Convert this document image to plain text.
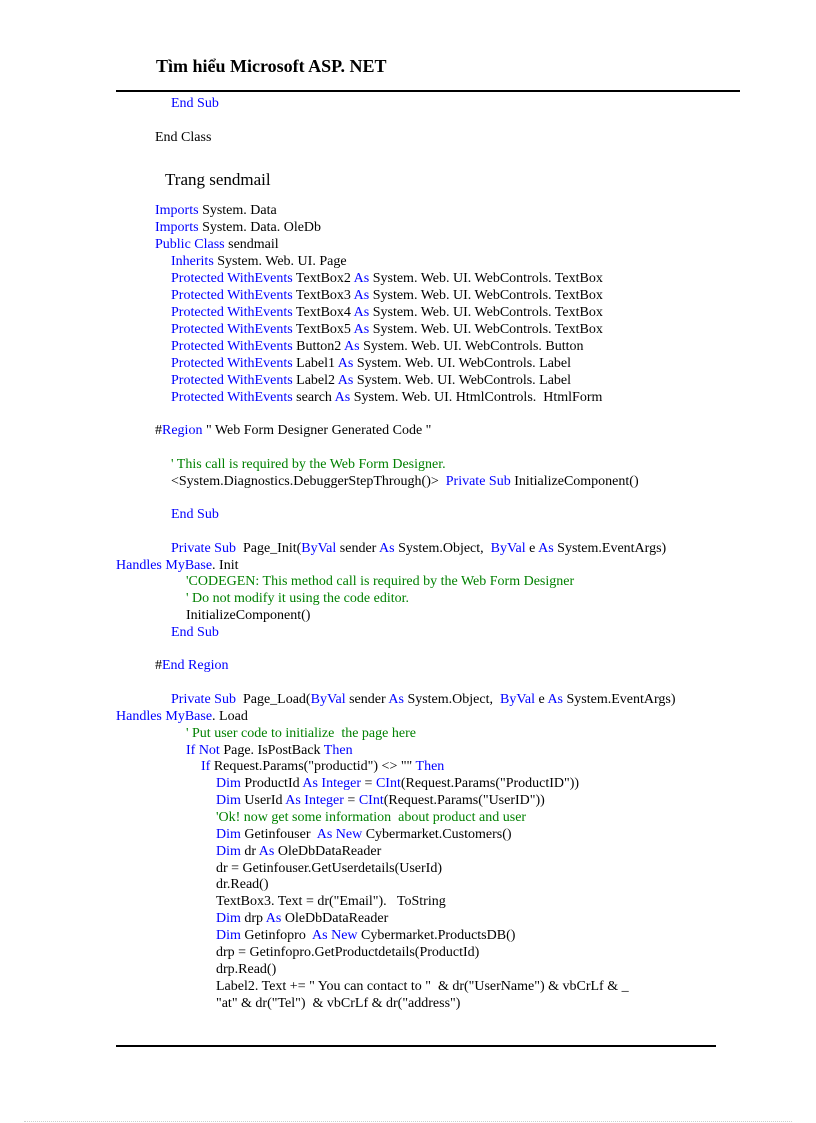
Tìm hiểu Microsoft ASP. NET
Trang sendmail
End Sub
End Class
Imports System. Data
Imports System. Data. OleDb
Public Class sendmail
Inherits System. Web. UI. Page
Protected WithEvents TextBox2 As System. Web. UI. WebControls. TextBox
Protected WithEvents TextBox3 As System. Web. UI. WebControls. TextBox
Protected WithEvents TextBox4 As System. Web. UI. WebControls. TextBox
Protected WithEvents TextBox5 As System. Web. UI. WebControls. TextBox
Protected WithEvents Button2 As System. Web. UI. WebControls. Button
Protected WithEvents Label1 As System. Web. UI. WebControls. Label
Protected WithEvents Label2 As System. Web. UI. WebControls. Label
Protected WithEvents search As System. Web. UI. HtmlControls.  HtmlForm
#Region " Web Form Designer Generated Code "
' This call is required by the Web Form Designer.
<System.Diagnostics.DebuggerStepThrough()>  Private Sub InitializeComponent()
End Sub
Private Sub  Page_Init(ByVal sender As System.Object,  ByVal e As System.EventArgs)
Handles MyBase. Init
'CODEGEN: This method call is required by the Web Form Designer
' Do not modify it using the code editor.
InitializeComponent()
End Sub
#End Region
Private Sub  Page_Load(ByVal sender As System.Object,  ByVal e As System.EventArgs)
Handles MyBase. Load
' Put user code to initialize  the page here
If Not Page. IsPostBack Then
If Request.Params("productid") <> "" Then
Dim ProductId As Integer = CInt(Request.Params("ProductID"))
Dim UserId As Integer = CInt(Request.Params("UserID"))
'Ok! now get some information  about product and user
Dim Getinfouser  As New Cybermarket.Customers()
Dim dr As OleDbDataReader
dr = Getinfouser.GetUserdetails(UserId)
dr.Read()
TextBox3. Text = dr("Email").   ToString
Dim drp As OleDbDataReader
Dim Getinfopro  As New Cybermarket.ProductsDB()
drp = Getinfopro.GetProductdetails(ProductId)
drp.Read()
Label2. Text += " You can contact to "  & dr("UserName") & vbCrLf & _
"at" & dr("Tel")  & vbCrLf & dr("address")
